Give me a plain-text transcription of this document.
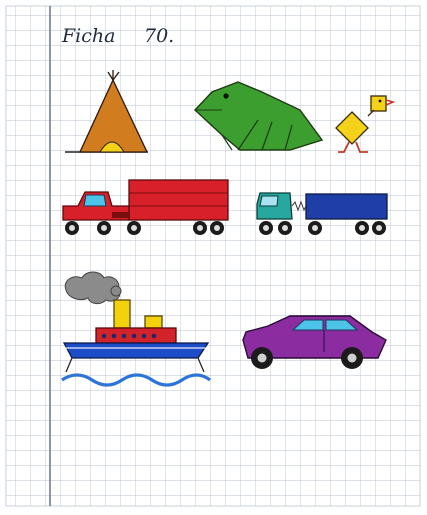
Ficha 70.
